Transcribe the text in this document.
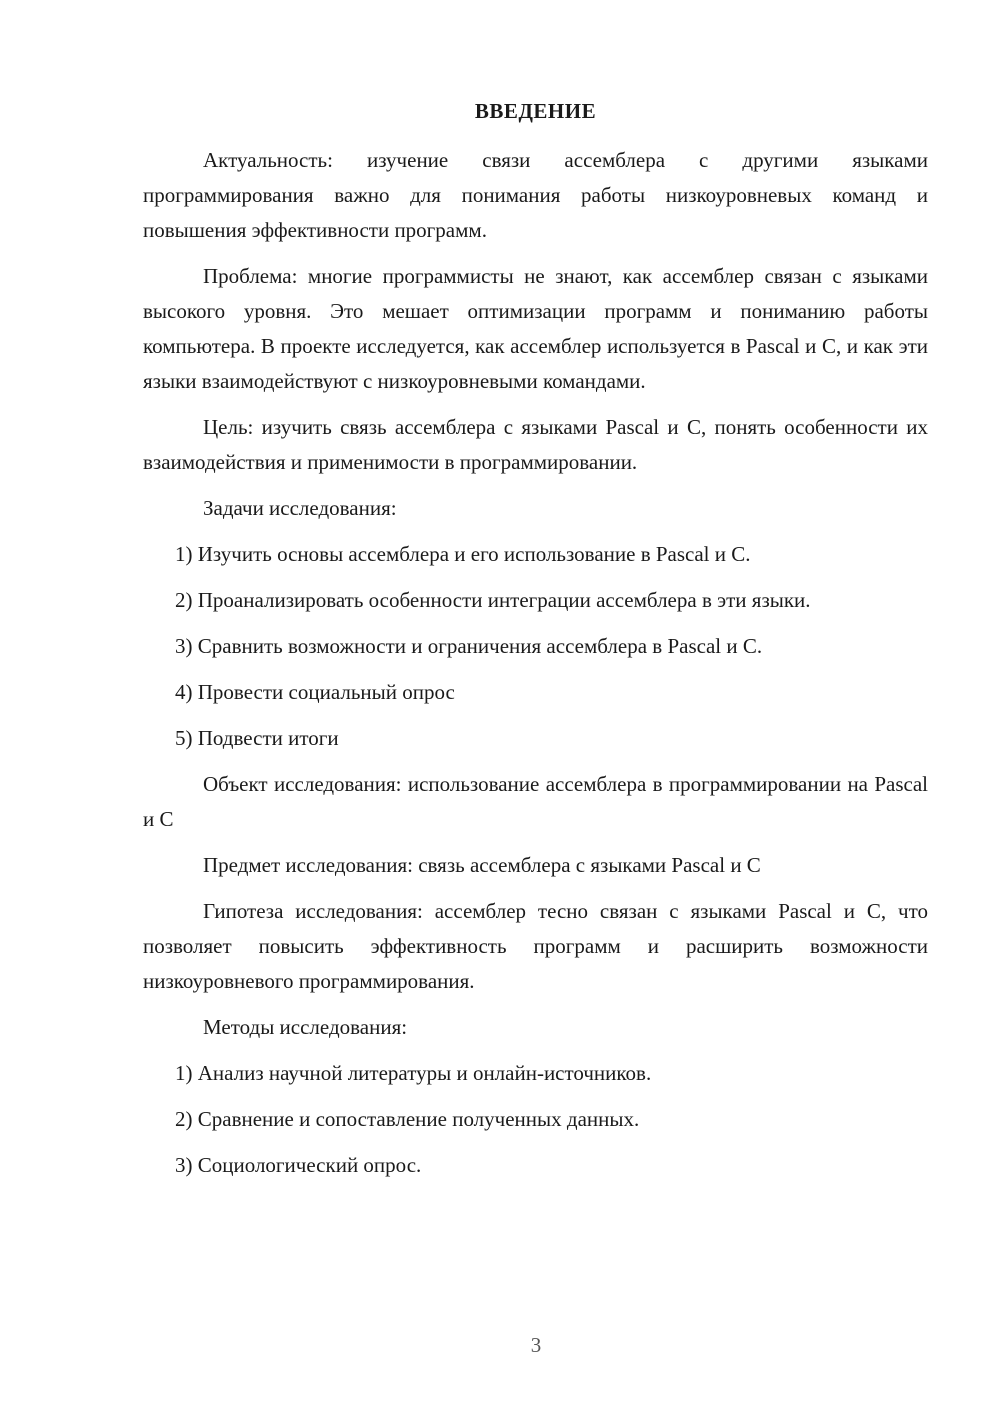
ВВЕДЕНИЕ

Актуальность: изучение связи ассемблера с другими языками программирования важно для понимания работы низкоуровневых команд и повышения эффективности программ.

Проблема: многие программисты не знают, как ассемблер связан с языками высокого уровня. Это мешает оптимизации программ и пониманию работы компьютера. В проекте исследуется, как ассемблер используется в Pascal и C, и как эти языки взаимодействуют с низкоуровневыми командами.

Цель: изучить связь ассемблера с языками Pascal и C, понять особенности их взаимодействия и применимости в программировании.

Задачи исследования:

1) Изучить основы ассемблера и его использование в Pascal и C.

2) Проанализировать особенности интеграции ассемблера в эти языки.

3) Сравнить возможности и ограничения ассемблера в Pascal и C.

4) Провести социальный опрос

5) Подвести итоги

Объект исследования: использование ассемблера в программировании на Pascal и C

Предмет исследования: связь ассемблера с языками Pascal и C

Гипотеза исследования: ассемблер тесно связан с языками Pascal и C, что позволяет повысить эффективность программ и расширить возможности низкоуровневого программирования.

Методы исследования:

1) Анализ научной литературы и онлайн-источников.

2) Сравнение и сопоставление полученных данных.

3) Социологический опрос.

3
